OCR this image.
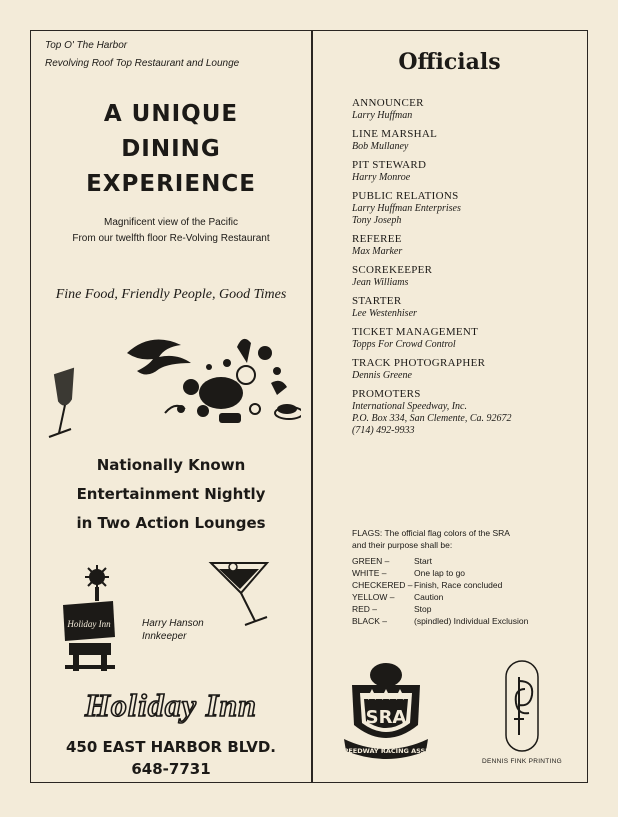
Top O' The Harbor
Revolving Roof Top Restaurant and Lounge
A UNIQUE
DINING
EXPERIENCE
Magnificent view of the Pacific
From our twelfth floor Re-Volving Restaurant
Fine Food, Friendly People, Good Times
Nationally Known
Entertainment Nightly
in Two Action Lounges
Holiday Inn	Harry Hanson
Innkeeper
Holiday Inn
450 EAST HARBOR BLVD.
648-7731
Officials
ANNOUNCER
Larry Huffman
LINE MARSHAL
Bob Mullaney
PIT STEWARD
Harry Monroe
PUBLIC RELATIONS
Larry Huffman Enterprises
Tony Joseph
REFEREE
Max Marker
SCOREKEEPER
Jean Williams
STARTER
Lee Westenhiser
TICKET MANAGEMENT
Topps For Crowd Control
TRACK PHOTOGRAPHER
Dennis Greene
PROMOTERS
International Speedway, Inc.
P.O. Box 334, San Clemente, Ca. 92672
(714) 492-9933
FLAGS: The official flag colors of the SRA
and their purpose shall be:
GREEN –	Start
WHITE –	One lap to go
CHECKERED – Finish, Race concluded
YELLOW –	Caution
RED –	Stop
BLACK –	(spindled) Individual Exclusion
SRA
SPEEDWAY RACING ASSN.
DENNIS FINK PRINTING
